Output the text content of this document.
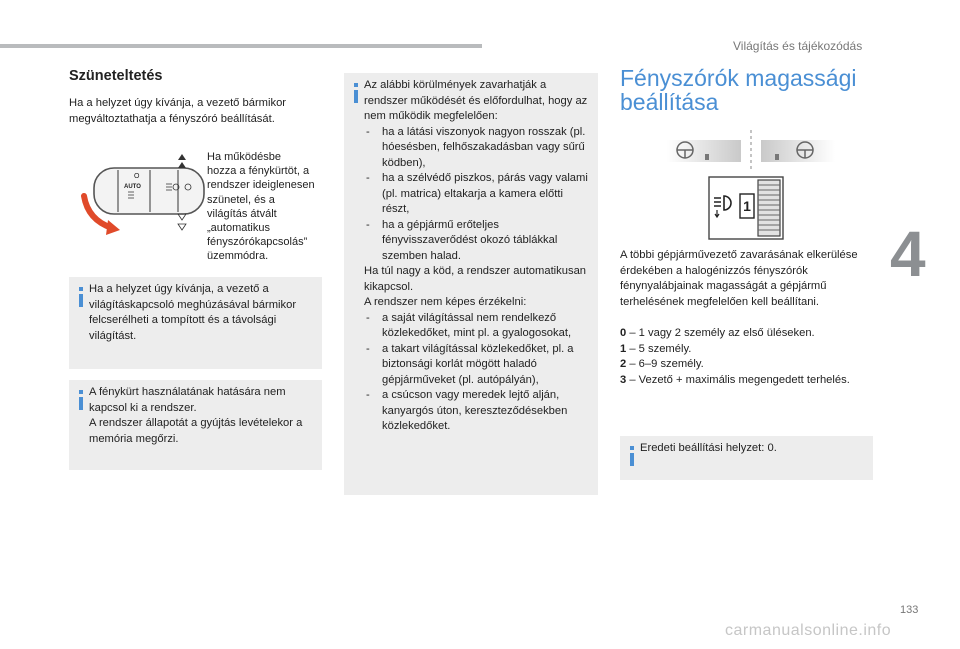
Világítás és tájékozódás
4
Szüneteltetés
Ha a helyzet úgy kívánja, a vezető bármikor megváltoztathatja a fényszóró beállítását.
O
AUTO
Ha működésbe
hozza a fénykürtöt, a
rendszer ideiglenesen
szünetel, és a
világítás átvált
„automatikus
fényszórókapcsolás”
üzemmódra.
Ha a helyzet úgy kívánja, a vezető a világításkapcsoló meghúzásával bármikor felcserélheti a tompított és a távolsági világítást.
A fénykürt használatának hatására nem kapcsol ki a rendszer.
A rendszer állapotát a gyújtás levételekor a memória megőrzi.
Az alábbi körülmények zavarhatják a rendszer működését és előfordulhat, hogy az nem működik megfelelően:
- ha a látási viszonyok nagyon rosszak (pl. hóesésben, felhőszakadásban vagy sűrű ködben),
- ha a szélvédő piszkos, párás vagy valami (pl. matrica) eltakarja a kamera előtti részt,
- ha a gépjármű erőteljes fényvisszaverődést okozó táblákkal szemben halad.
Ha túl nagy a köd, a rendszer automatikusan kikapcsol.
A rendszer nem képes érzékelni:
- a saját világítással nem rendelkező közlekedőket, mint pl. a gyalogosokat,
- a takart világítással közlekedőket, pl. a biztonsági korlát mögött haladó gépjárműveket (pl. autópályán),
- a csúcson vagy meredek lejtő alján, kanyargós úton, kereszteződésekben közlekedőket.
Fényszórók magassági
beállítása
1
A többi gépjárművezető zavarásának elkerülése érdekében a halogénizzós fényszórók fénynyalábjainak magasságát a gépjármű terhelésének megfelelően kell beállítani.
0 – 1 vagy 2 személy az első üléseken.
1 – 5 személy.
2 – 6–9 személy.
3 – Vezető + maximális megengedett terhelés.
Eredeti beállítási helyzet: 0.
133
carmanualsonline.info
